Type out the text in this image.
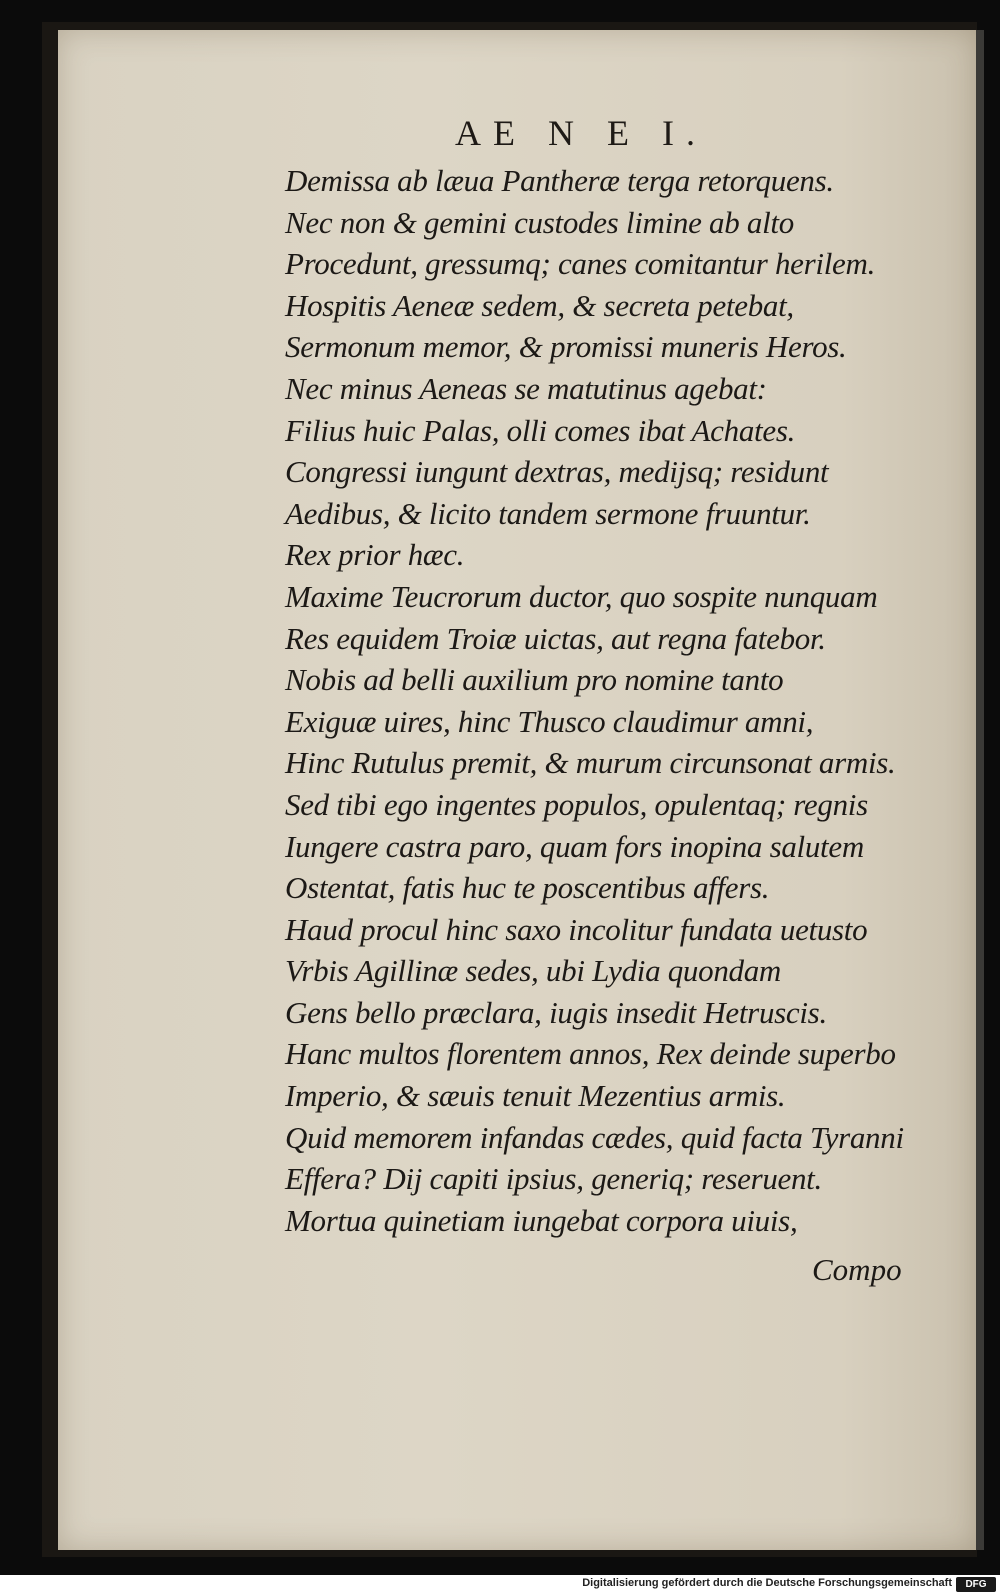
AE N E I.
Demissa ab læua Pantheræ terga retorquens.
Nec non & gemini custodes limine ab alto
Procedunt, gressumq; canes comitantur herilem.
Hospitis Aeneæ sedem, & secreta petebat,
Sermonum memor, & promissi muneris Heros.
Nec minus Aeneas se matutinus agebat:
Filius huic Palas, olli comes ibat Achates.
Congressi iungunt dextras, medijsq; residunt
Aedibus, & licito tandem sermone fruuntur.
Rex prior hæc.
Maxime Teucrorum ductor, quo sospite nunquam
Res equidem Troiæ uictas, aut regna fatebor.
Nobis ad belli auxilium pro nomine tanto
Exiguæ uires, hinc Thusco claudimur amni,
Hinc Rutulus premit, & murum circunsonat armis.
Sed tibi ego ingentes populos, opulentaq; regnis
Iungere castra paro, quam fors inopina salutem
Ostentat, fatis huc te poscentibus affers.
Haud procul hinc saxo incolitur fundata uetusto
Vrbis Agillinæ sedes, ubi Lydia quondam
Gens bello præclara, iugis insedit Hetruscis.
Hanc multos florentem annos, Rex deinde superbo
Imperio, & sæuis tenuit Mezentius armis.
Quid memorem infandas cædes, quid facta Tyranni
Effera? Dij capiti ipsius, generiq; reseruent.
Mortua quinetiam iungebat corpora uiuis,
Compo
Digitalisierung gefördert durch die Deutsche Forschungsgemeinschaft	DFG
